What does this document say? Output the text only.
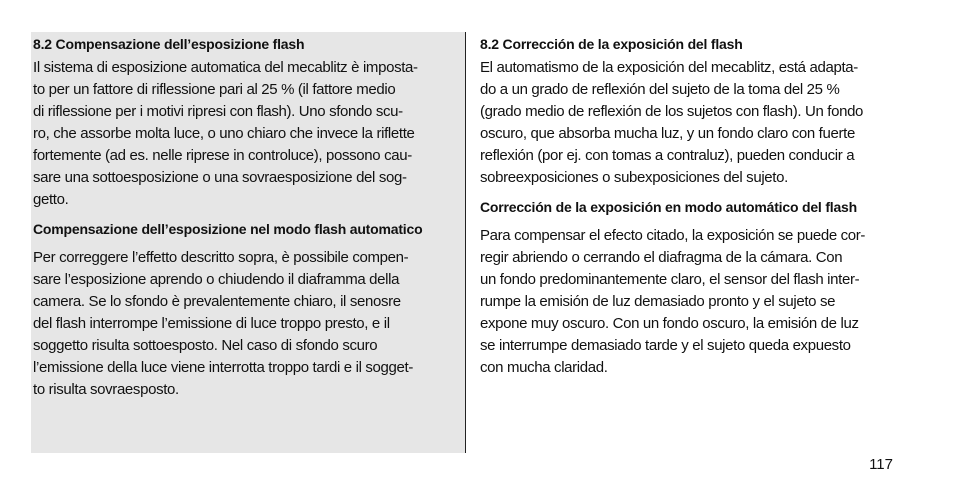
8.2 Compensazione dell’esposizione flash

Il sistema di esposizione automatica del mecablitz è imposta-
to per un fattore di riflessione pari al 25 % (il fattore medio
di riflessione per i motivi ripresi con flash). Uno sfondo scu-
ro, che assorbe molta luce, o uno chiaro che invece la riflette
fortemente (ad es. nelle riprese in controluce), possono cau-
sare una sottoesposizione o una sovraesposizione del sog-
getto.

Compensazione dell’esposizione nel modo flash automatico

Per correggere l’effetto descritto sopra, è possibile compen-
sare l’esposizione aprendo o chiudendo il diaframma della
camera. Se lo sfondo è prevalentemente chiaro, il senosre
del flash interrompe l’emissione di luce troppo presto, e il
soggetto risulta sottoesposto. Nel caso di sfondo scuro
l’emissione della luce viene interrotta troppo tardi e il sogget-
to risulta sovraesposto.

8.2 Corrección de la exposición del flash

El automatismo de la exposición del mecablitz, está adapta-
do a un grado de reflexión del sujeto de la toma del 25 %
(grado medio de reflexión de los sujetos con flash). Un fondo
oscuro, que absorba mucha luz, y un fondo claro con fuerte
reflexión (por ej. con tomas a contraluz), pueden conducir a
sobreexposiciones o subexposiciones del sujeto.

Corrección de la exposición en modo automático del flash

Para compensar el efecto citado, la exposición se puede cor-
regir abriendo o cerrando el diafragma de la cámara. Con
un fondo predominantemente claro, el sensor del flash inter-
rumpe la emisión de luz demasiado pronto y el sujeto se
expone muy oscuro. Con un fondo oscuro, la emisión de luz
se interrumpe demasiado tarde y el sujeto queda expuesto
con mucha claridad.

117
